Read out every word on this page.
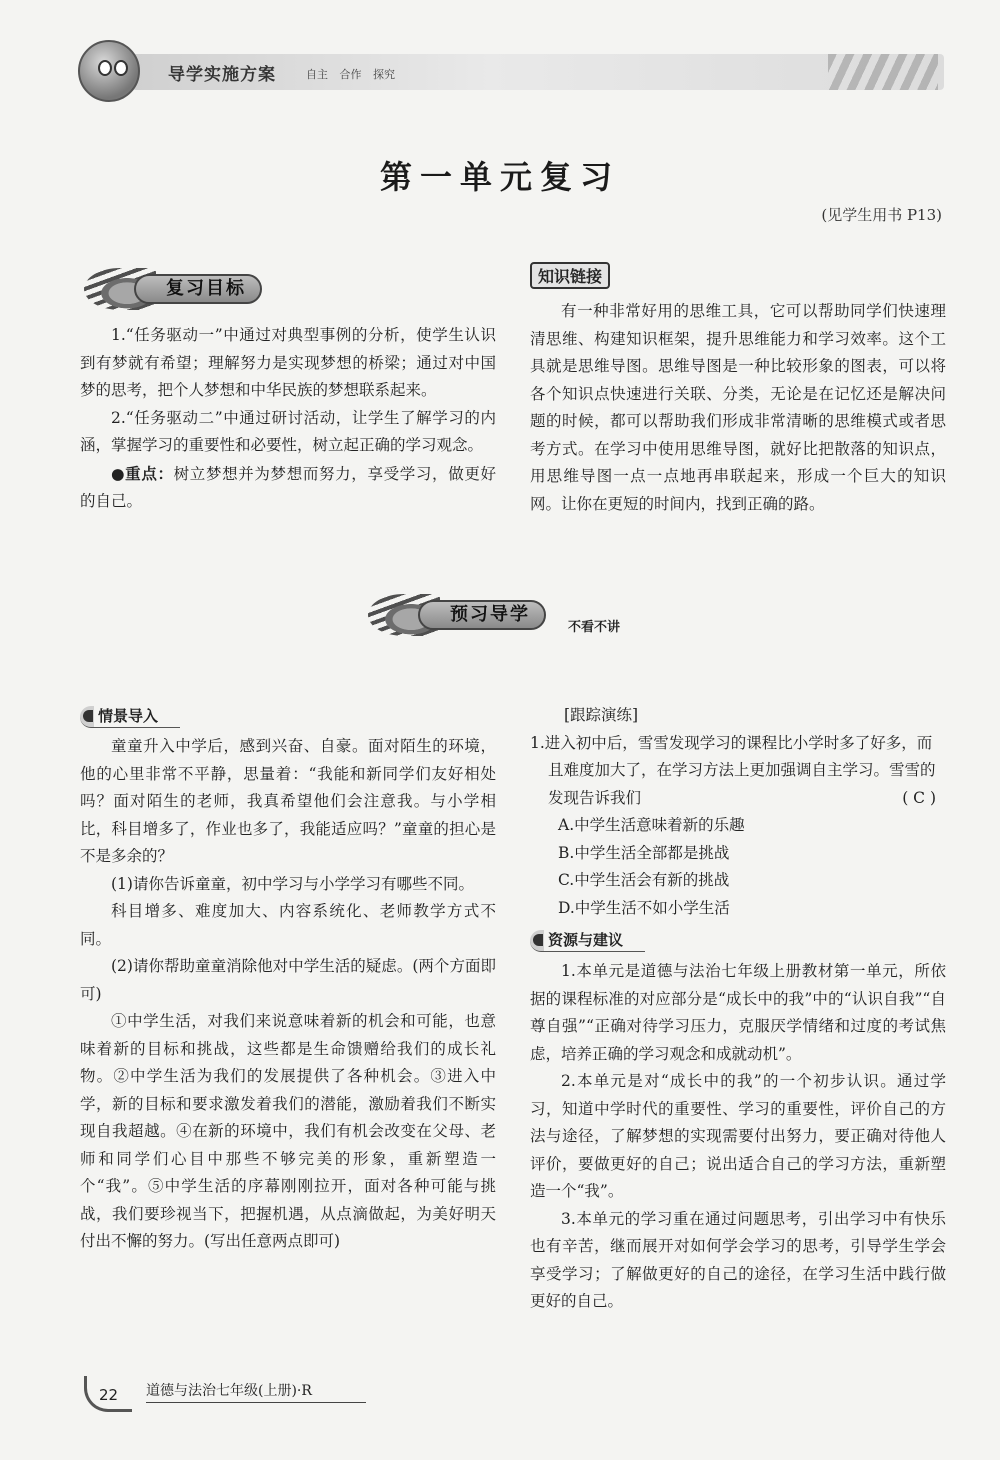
导学实施方案	自主 合作 探究
第一单元复习
(见学生用书 P13)
复习目标

1.“任务驱动一”中通过对典型事例的分析，使学生认识到有梦就有希望；理解努力是实现梦想的桥梁；通过对中国梦的思考，把个人梦想和中华民族的梦想联系起来。

2.“任务驱动二”中通过研讨活动，让学生了解学习的内涵，掌握学习的重要性和必要性，树立起正确的学习观念。

●重点：树立梦想并为梦想而努力，享受学习，做更好的自己。

知识链接

有一种非常好用的思维工具，它可以帮助同学们快速理清思维、构建知识框架，提升思维能力和学习效率。这个工具就是思维导图。思维导图是一种比较形象的图表，可以将各个知识点快速进行关联、分类，无论是在记忆还是解决问题的时候，都可以帮助我们形成非常清晰的思维模式或者思考方式。在学习中使用思维导图，就好比把散落的知识点，用思维导图一点一点地再串联起来，形成一个巨大的知识网。让你在更短的时间内，找到正确的路。

预习导学
不看不讲
情景导入

童童升入中学后，感到兴奋、自豪。面对陌生的环境，他的心里非常不平静，思量着：“我能和新同学们友好相处吗？面对陌生的老师，我真希望他们会注意我。与小学相比，科目增多了，作业也多了，我能适应吗？”童童的担心是不是多余的？

(1)请你告诉童童，初中学习与小学学习有哪些不同。

科目增多、难度加大、内容系统化、老师教学方式不同。

(2)请你帮助童童消除他对中学生活的疑虑。(两个方面即可)

①中学生活，对我们来说意味着新的机会和可能，也意味着新的目标和挑战，这些都是生命馈赠给我们的成长礼物。②中学生活为我们的发展提供了各种机会。③进入中学，新的目标和要求激发着我们的潜能，激励着我们不断实现自我超越。④在新的环境中，我们有机会改变在父母、老师和同学们心目中那些不够完美的形象，重新塑造一个“我”。⑤中学生活的序幕刚刚拉开，面对各种可能与挑战，我们要珍视当下，把握机遇，从点滴做起，为美好明天付出不懈的努力。(写出任意两点即可)

[跟踪演练]
1.进入初中后，雪雪发现学习的课程比小学时多了好多，而且难度加大了，在学习方法上更加强调自主学习。雪雪的发现告诉我们	( C )
A.中学生活意味着新的乐趣
B.中学生活全部都是挑战
C.中学生活会有新的挑战
D.中学生活不如小学生活
资源与建议

1.本单元是道德与法治七年级上册教材第一单元，所依据的课程标准的对应部分是“成长中的我”中的“认识自我”“自尊自强”“正确对待学习压力，克服厌学情绪和过度的考试焦虑，培养正确的学习观念和成就动机”。

2.本单元是对“成长中的我”的一个初步认识。通过学习，知道中学时代的重要性、学习的重要性，评价自己的方法与途径，了解梦想的实现需要付出努力，要正确对待他人评价，要做更好的自己；说出适合自己的学习方法，重新塑造一个“我”。

3.本单元的学习重在通过问题思考，引出学习中有快乐也有辛苦，继而展开对如何学会学习的思考，引导学生学会享受学习；了解做更好的自己的途径，在学习生活中践行做更好的自己。

22	道德与法治七年级(上册)·R
